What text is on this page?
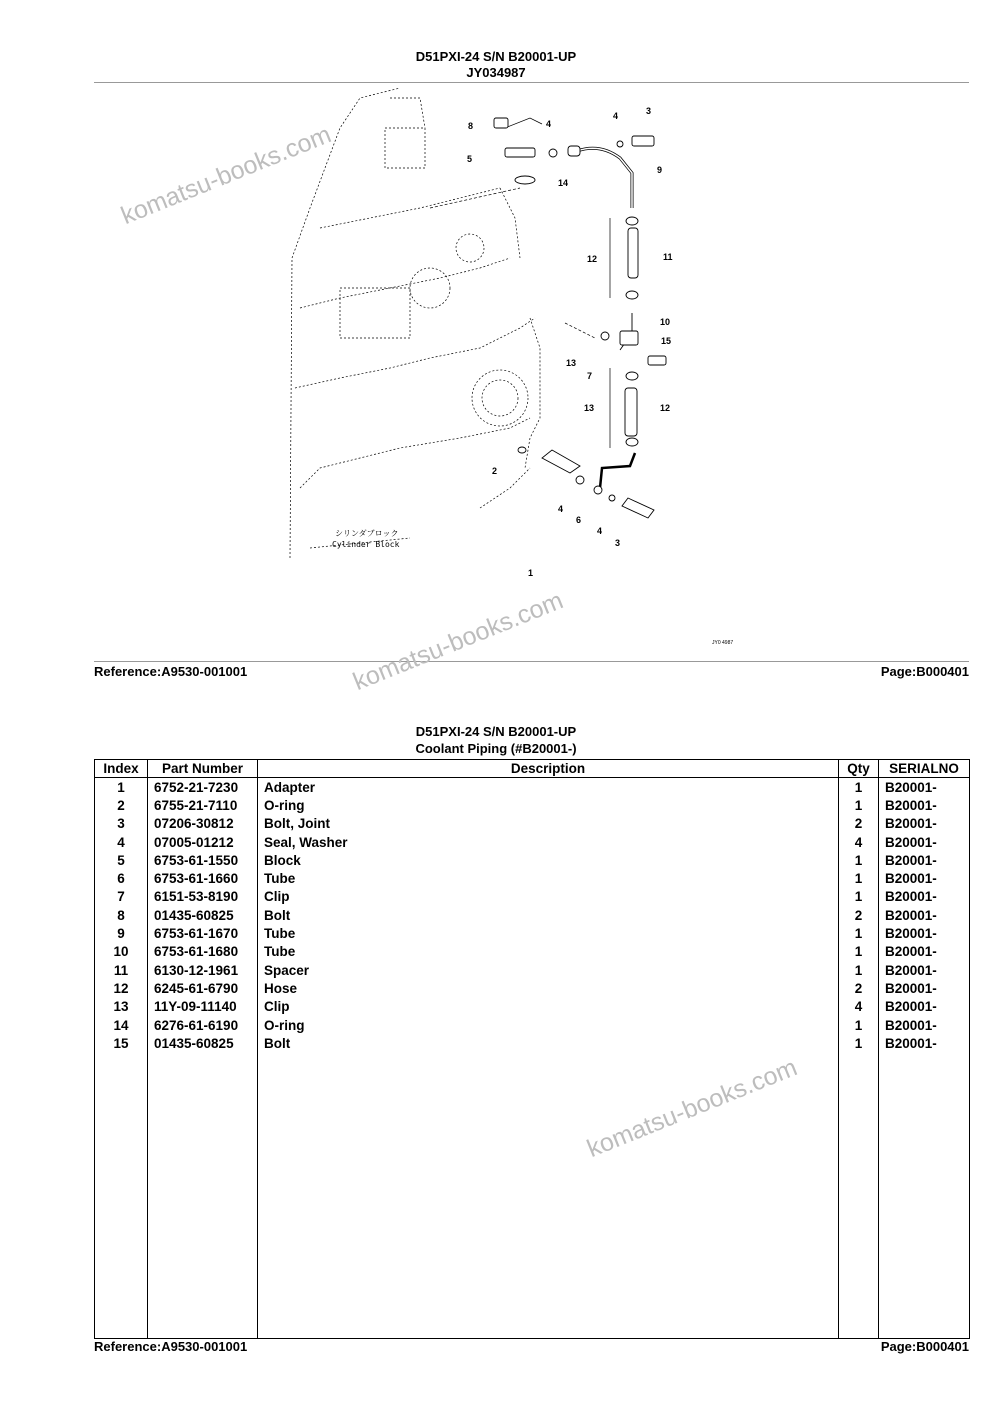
D51PXI-24 S/N B20001-UP
JY034987
1
2
3
3
4
4
4
4
5
6
7
8
9
10
11
12
12
13
13
14
15
シリンダブロック
Cylinder Block
JY0 4987
Reference:A9530-001001	Page:B000401
D51PXI-24 S/N B20001-UP
Coolant Piping (#B20001-)
Index	Part Number	Description	Qty	SERIALNO
1	6752-21-7230	Adapter	1	B20001-
2	6755-21-7110	O-ring	1	B20001-
3	07206-30812	Bolt, Joint	2	B20001-
4	07005-01212	Seal, Washer	4	B20001-
5	6753-61-1550	Block	1	B20001-
6	6753-61-1660	Tube	1	B20001-
7	6151-53-8190	Clip	1	B20001-
8	01435-60825	Bolt	2	B20001-
9	6753-61-1670	Tube	1	B20001-
10	6753-61-1680	Tube	1	B20001-
11	6130-12-1961	Spacer	1	B20001-
12	6245-61-6790	Hose	2	B20001-
13	11Y-09-11140	Clip	4	B20001-
14	6276-61-6190	O-ring	1	B20001-
15	01435-60825	Bolt	1	B20001-

Reference:A9530-001001	Page:B000401
komatsu-books.com
komatsu-books.com
komatsu-books.com
